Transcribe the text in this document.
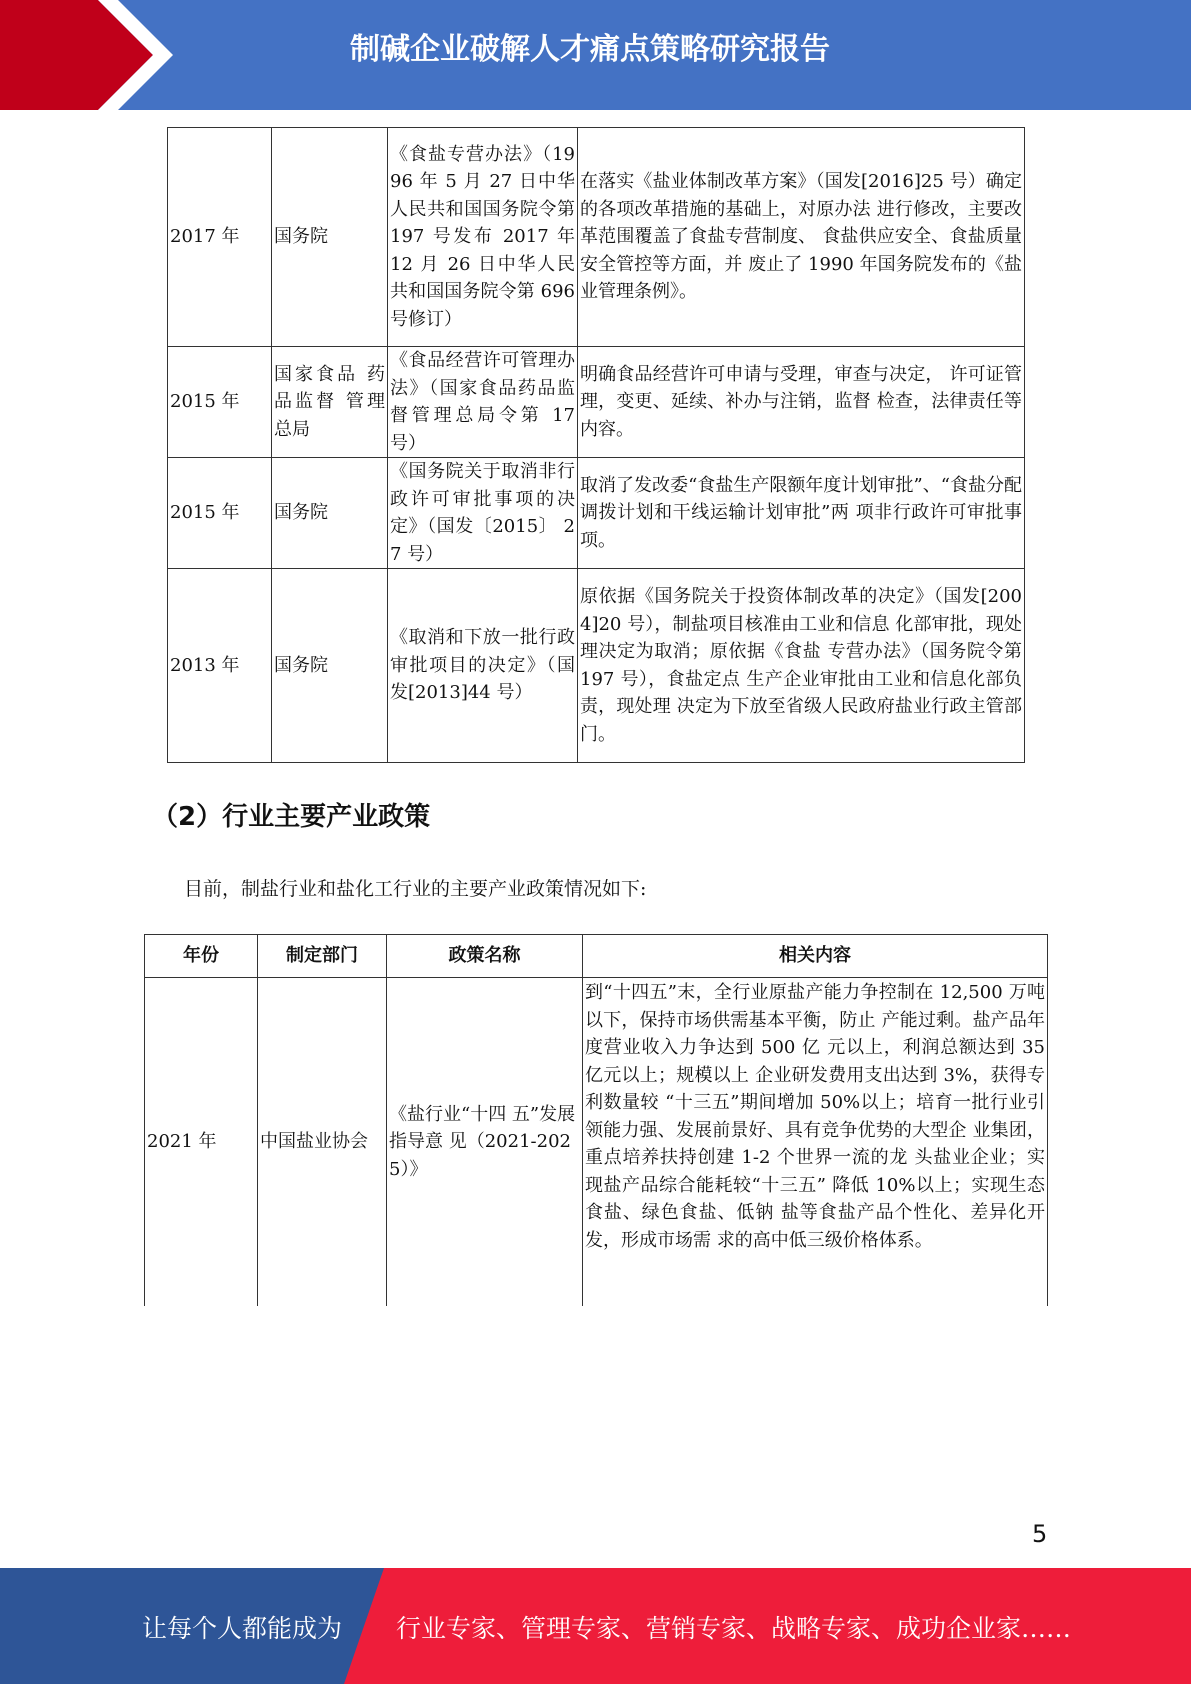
制碱企业破解人才痛点策略研究报告
2017 年	国务院	《食盐专营办法》（1996 年 5 月 27 日中华人民共和国国务院令第 197 号发布 2017 年 12 月 26 日中华人民 共和国国务院令第 696 号修订）	在落实《盐业体制改革方案》（国发[2016]25 号）确定的各项改革措施的基础上，对原办法 进行修改，主要改革范围覆盖了食盐专营制度、 食盐供应安全、食盐质量安全管控等方面，并 废止了 1990 年国务院发布的《盐业管理条例》。
2015 年	国家食品 药品监督 管理总局	《食品经营许可管理办法》（国家食品药品监督管理总局令第 17 号）	明确食品经营许可申请与受理，审查与决定， 许可证管理，变更、延续、补办与注销，监督 检查，法律责任等内容。
2015 年	国务院	《国务院关于取消非行政许可审批事项的决定》（国发〔2015〕 27 号）	取消了发改委“食盐生产限额年度计划审批”、“食盐分配调拨计划和干线运输计划审批”两 项非行政许可审批事项。
2013 年	国务院	《取消和下放一批行政审批项目的决定》（国发[2013]44 号）	原依据《国务院关于投资体制改革的决定》（国发[2004]20 号），制盐项目核准由工业和信息 化部审批，现处理决定为取消；原依据《食盐 专营办法》（国务院令第 197 号），食盐定点 生产企业审批由工业和信息化部负责，现处理 决定为下放至省级人民政府盐业行政主管部 门。
（2）行业主要产业政策
目前，制盐行业和盐化工行业的主要产业政策情况如下:
年份	制定部门	政策名称	相关内容
2021 年	中国盐业协会	《盐行业“十四 五”发展指导意 见（2021-2025）》	到“十四五”末，全行业原盐产能力争控制在 12,500 万吨以下，保持市场供需基本平衡，防止 产能过剩。盐产品年度营业收入力争达到 500 亿 元以上，利润总额达到 35 亿元以上；规模以上 企业研发费用支出达到 3%，获得专利数量较 “十三五”期间增加 50%以上；培育一批行业引 领能力强、发展前景好、具有竞争优势的大型企 业集团，重点培养扶持创建 1-2 个世界一流的龙 头盐业企业；实现盐产品综合能耗较“十三五” 降低 10%以上；实现生态食盐、绿色食盐、低钠 盐等食盐产品个性化、差异化开发，形成市场需 求的高中低三级价格体系。
5
让每个人都能成为 行业专家、管理专家、营销专家、战略专家、成功企业家……
